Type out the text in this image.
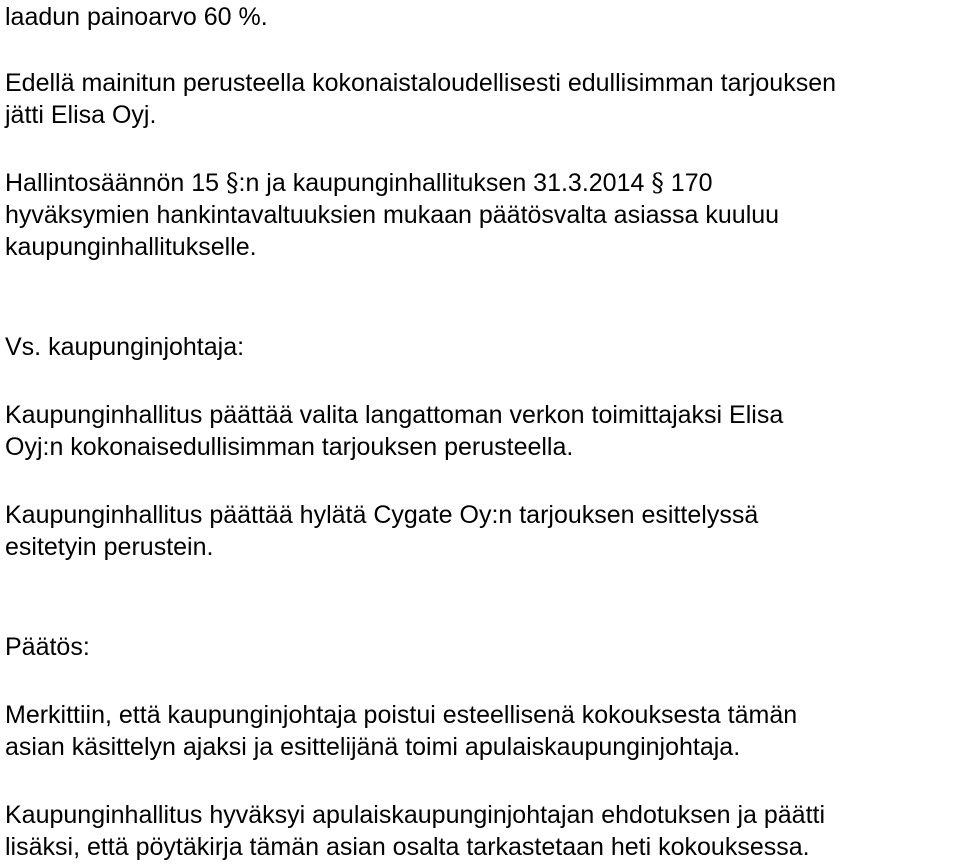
laadun painoarvo 60 %.
Edellä mainitun perusteella kokonaistaloudellisesti edullisimman tarjouksen
jätti Elisa Oyj.
Hallintosäännön 15 §:n ja kaupunginhallituksen 31.3.2014 § 170
hyväksymien hankintavaltuuksien mukaan päätösvalta asiassa kuuluu
kaupunginhallitukselle.
Vs. kaupunginjohtaja:
Kaupunginhallitus päättää valita langattoman verkon toimittajaksi Elisa
Oyj:n kokonaisedullisimman tarjouksen perusteella.
Kaupunginhallitus päättää hylätä Cygate Oy:n tarjouksen esittelyssä
esitetyin perustein.
Päätös:
Merkittiin, että kaupunginjohtaja poistui esteellisenä kokouksesta tämän
asian käsittelyn ajaksi ja esittelijänä toimi apulaiskaupunginjohtaja.
Kaupunginhallitus hyväksyi apulaiskaupunginjohtajan ehdotuksen ja päätti
lisäksi, että pöytäkirja tämän asian osalta tarkastetaan heti kokouksessa.
